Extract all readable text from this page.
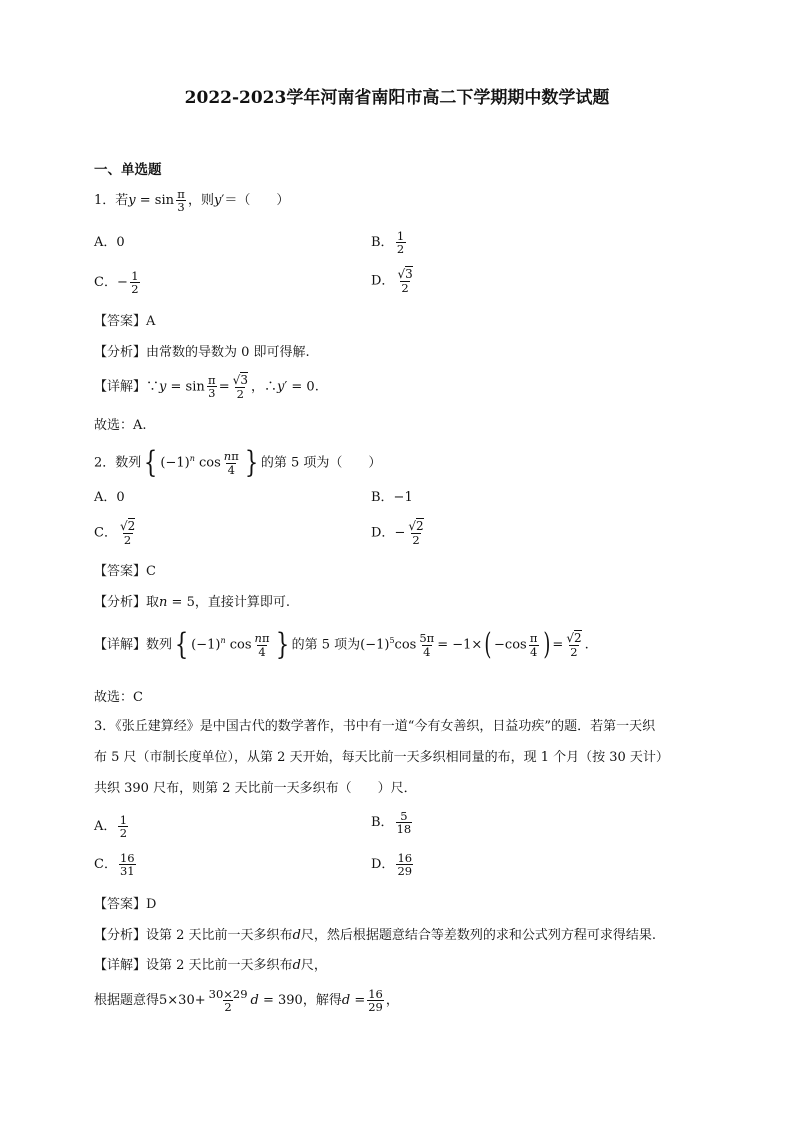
2022-2023学年河南省南阳市高二下学期期中数学试题
一、单选题
1．若$y = \sin \frac{\pi}{3}$ ，则y′＝（　　）
A．0	B． $\frac{1}{2}$
C．− $\frac{1}{2}$	D． $\frac{√3}{2}$
【答案】A
【分析】由常数的导数为 0 即可得解.
【详解】∵y = $\sin \frac{\pi}{3} = \frac{√3}{2}$ ，∴y′ = 0.
故选：A.
2．数列{ $(-1)^n$ $\cos \frac{n\pi}{4}$ } 的第 5 项为（　　）
A．0	B．−1
C． $\frac{√2}{2}$	D．− $\frac{√2}{2}$
【答案】C
【分析】取n = 5，直接计算即可.
【详解】数列{ $(-1)^n$ $\cos \frac{n\pi}{4}$ } 的第 5 项为$(-1)^5\cos \frac{5\pi}{4} = -1\times( -\cos \frac{\pi}{4}$ ) = $\frac{√2}{2}$ .
故选：C
3．《张丘建算经》是中国古代的数学著作，书中有一道“今有女善织，日益功疾”的题．若第一天织
布 5 尺（市制长度单位），从第 2 天开始，每天比前一天多织相同量的布，现 1 个月（按 30 天计）
共织 390 尺布，则第 2 天比前一天多织布（　　）尺．
A． $\frac{1}{2}$	B． $\frac{5}{18}$
C． $\frac{16}{31}$	D． $\frac{16}{29}$
【答案】D
【分析】设第 2 天比前一天多织布d尺，然后根据题意结合等差数列的求和公式列方程可求得结果.
【详解】设第 2 天比前一天多织布d尺，
根据题意得$5\times 30+ \frac{30\times 29}{2}$ d = 390，解得$d = \frac{16}{29}$ ，
